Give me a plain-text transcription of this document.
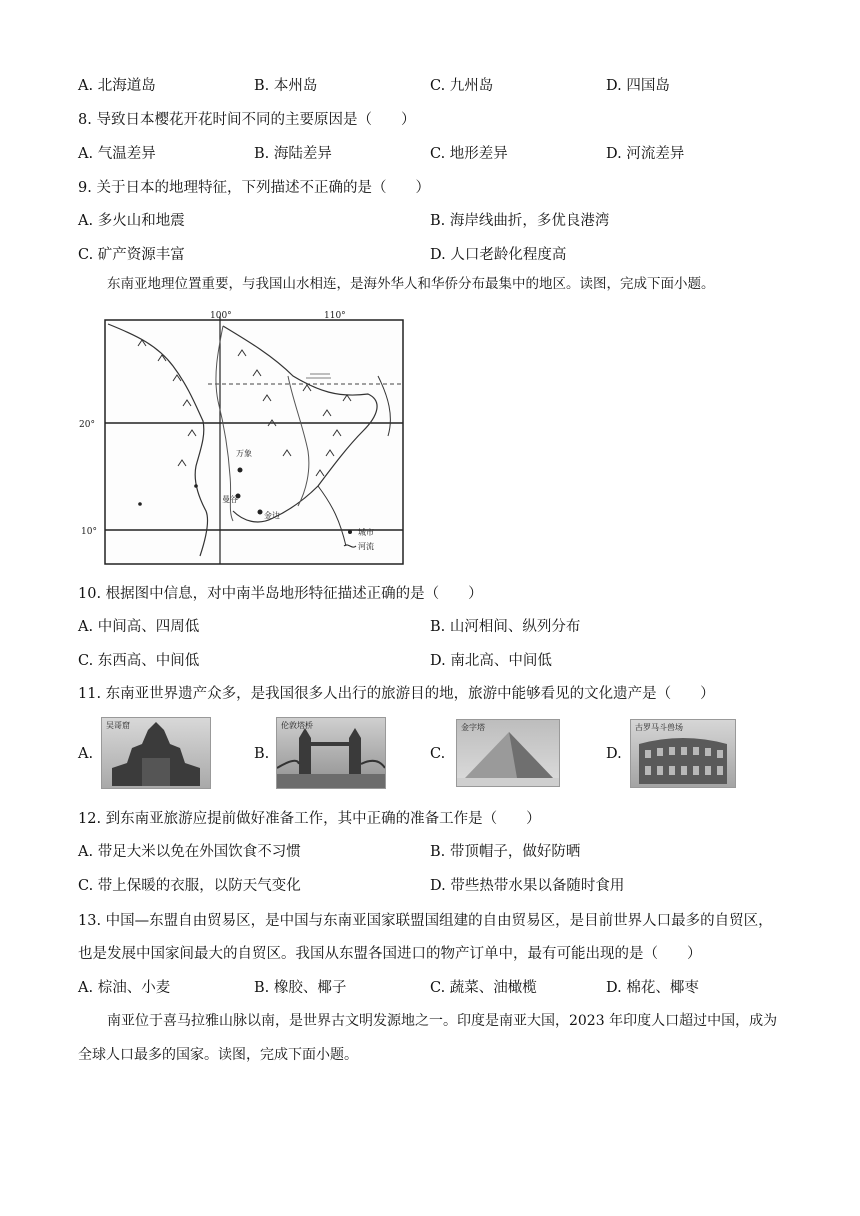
A. 北海道岛	B. 本州岛	C. 九州岛	D. 四国岛
8. 导致日本樱花开花时间不同的主要原因是（　　）
A. 气温差异	B. 海陆差异	C. 地形差异	D. 河流差异
9. 关于日本的地理特征，下列描述不正确的是（　　）
A. 多火山和地震	B. 海岸线曲折，多优良港湾
C. 矿产资源丰富	D. 人口老龄化程度高
东南亚地理位置重要，与我国山水相连，是海外华人和华侨分布最集中的地区。读图，完成下面小题。
100°	110°
20°
10°
万象
曼谷
金边
城市
河流
10. 根据图中信息，对中南半岛地形特征描述正确的是（　　）
A. 中间高、四周低	B. 山河相间、纵列分布
C. 东西高、中间低	D. 南北高、中间低
11. 东南亚世界遗产众多，是我国很多人出行的旅游目的地，旅游中能够看见的文化遗产是（　　）
A.
吴哥窟
B.
伦敦塔桥
C.
金字塔
D.
古罗马斗兽场
12. 到东南亚旅游应提前做好准备工作，其中正确的准备工作是（　　）
A. 带足大米以免在外国饮食不习惯	B. 带顶帽子，做好防晒
C. 带上保暖的衣服，以防天气变化	D. 带些热带水果以备随时食用
13. 中国—东盟自由贸易区，是中国与东南亚国家联盟国组建的自由贸易区，是目前世界人口最多的自贸区，
也是发展中国家间最大的自贸区。我国从东盟各国进口的物产订单中，最有可能出现的是（　　）
A. 棕油、小麦	B. 橡胶、椰子	C. 蔬菜、油橄榄	D. 棉花、椰枣
南亚位于喜马拉雅山脉以南，是世界古文明发源地之一。印度是南亚大国，2023 年印度人口超过中国，成为全球人口最多的国家。读图，完成下面小题。
